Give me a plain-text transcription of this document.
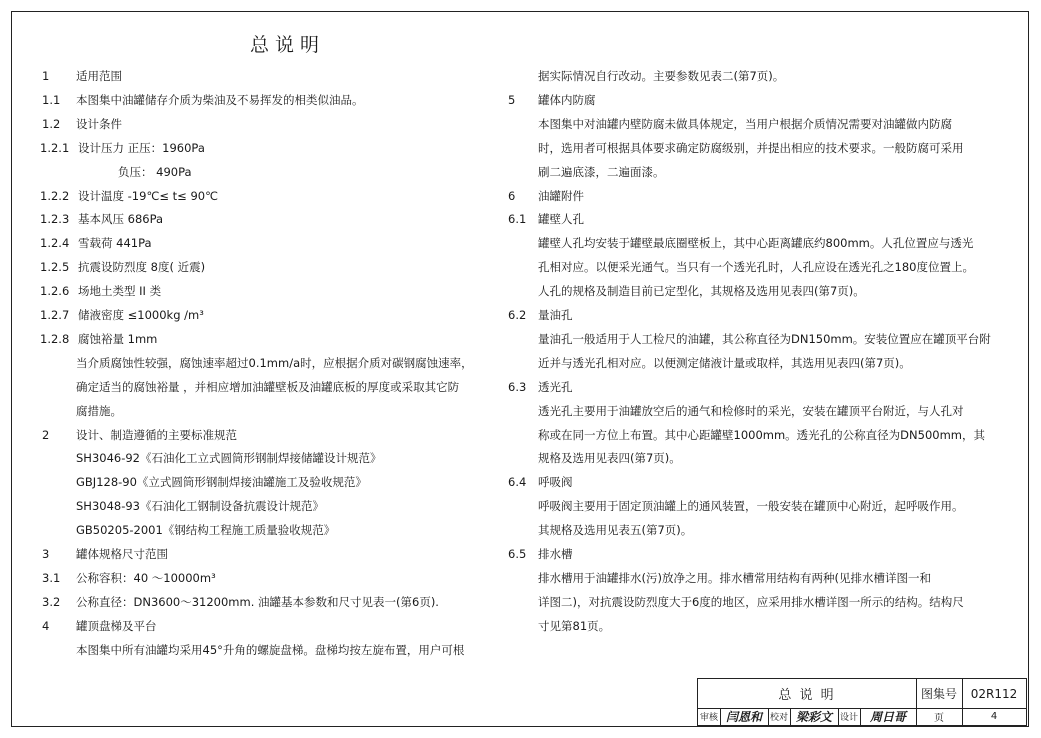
总说明
1 适用范围
1.1 本图集中油罐储存介质为柴油及不易挥发的相类似油品。
1.2 设计条件
1.2.1 设计压力 正压：1960Pa
负压： 490Pa
1.2.2 设计温度 -19℃≤ t≤ 90℃
1.2.3 基本风压 686Pa
1.2.4 雪载荷 441Pa
1.2.5 抗震设防烈度 8度( 近震)
1.2.6 场地土类型 II 类
1.2.7 储液密度 ≤1000kg /m³
1.2.8 腐蚀裕量 1mm
当介质腐蚀性较强，腐蚀速率超过0.1mm/a时，应根据介质对碳钢腐蚀速率，
确定适当的腐蚀裕量 ，并相应增加油罐壁板及油罐底板的厚度或采取其它防
腐措施。
2 设计、制造遵循的主要标准规范
SH3046-92《石油化工立式圆筒形钢制焊接储罐设计规范》
GBJ128-90《立式圆筒形钢制焊接油罐施工及验收规范》
SH3048-93《石油化工钢制设备抗震设计规范》
GB50205-2001《钢结构工程施工质量验收规范》
3 罐体规格尺寸范围
3.1 公称容积：40 ～10000m³
3.2 公称直径：DN3600～31200mm. 油罐基本参数和尺寸见表一(第6页).
4 罐顶盘梯及平台
本图集中所有油罐均采用45°升角的螺旋盘梯。盘梯均按左旋布置，用户可根
据实际情况自行改动。主要参数见表二(第7页)。
5 罐体内防腐
本图集中对油罐内壁防腐未做具体规定，当用户根据介质情况需要对油罐做内防腐
时，选用者可根据具体要求确定防腐级别，并提出相应的技术要求。一般防腐可采用
刷二遍底漆，二遍面漆。
6 油罐附件
6.1 罐壁人孔
罐壁人孔均安装于罐壁最底圈壁板上，其中心距离罐底约800mm。人孔位置应与透光
孔相对应。以便采光通气。当只有一个透光孔时，人孔应设在透光孔之180度位置上。
人孔的规格及制造目前已定型化，其规格及选用见表四(第7页)。
6.2 量油孔
量油孔一般适用于人工检尺的油罐，其公称直径为DN150mm。安装位置应在罐顶平台附
近并与透光孔相对应。以便测定储液计量或取样，其选用见表四(第7页)。
6.3 透光孔
透光孔主要用于油罐放空后的通气和检修时的采光，安装在罐顶平台附近，与人孔对
称或在同一方位上布置。其中心距罐壁1000mm。透光孔的公称直径为DN500mm，其
规格及选用见表四(第7页)。
6.4 呼吸阀
呼吸阀主要用于固定顶油罐上的通风装置，一般安装在罐顶中心附近，起呼吸作用。
其规格及选用见表五(第7页)。
6.5 排水槽
排水槽用于油罐排水(污)放净之用。排水槽常用结构有两种(见排水槽详图一和
详图二)，对抗震设防烈度大于6度的地区，应采用排水槽详图一所示的结构。结构尺
寸见第81页。
总 说 明	图集号	02R112
审核 闫恩和 校对 梁彩文 设计 周日哥	页	4
